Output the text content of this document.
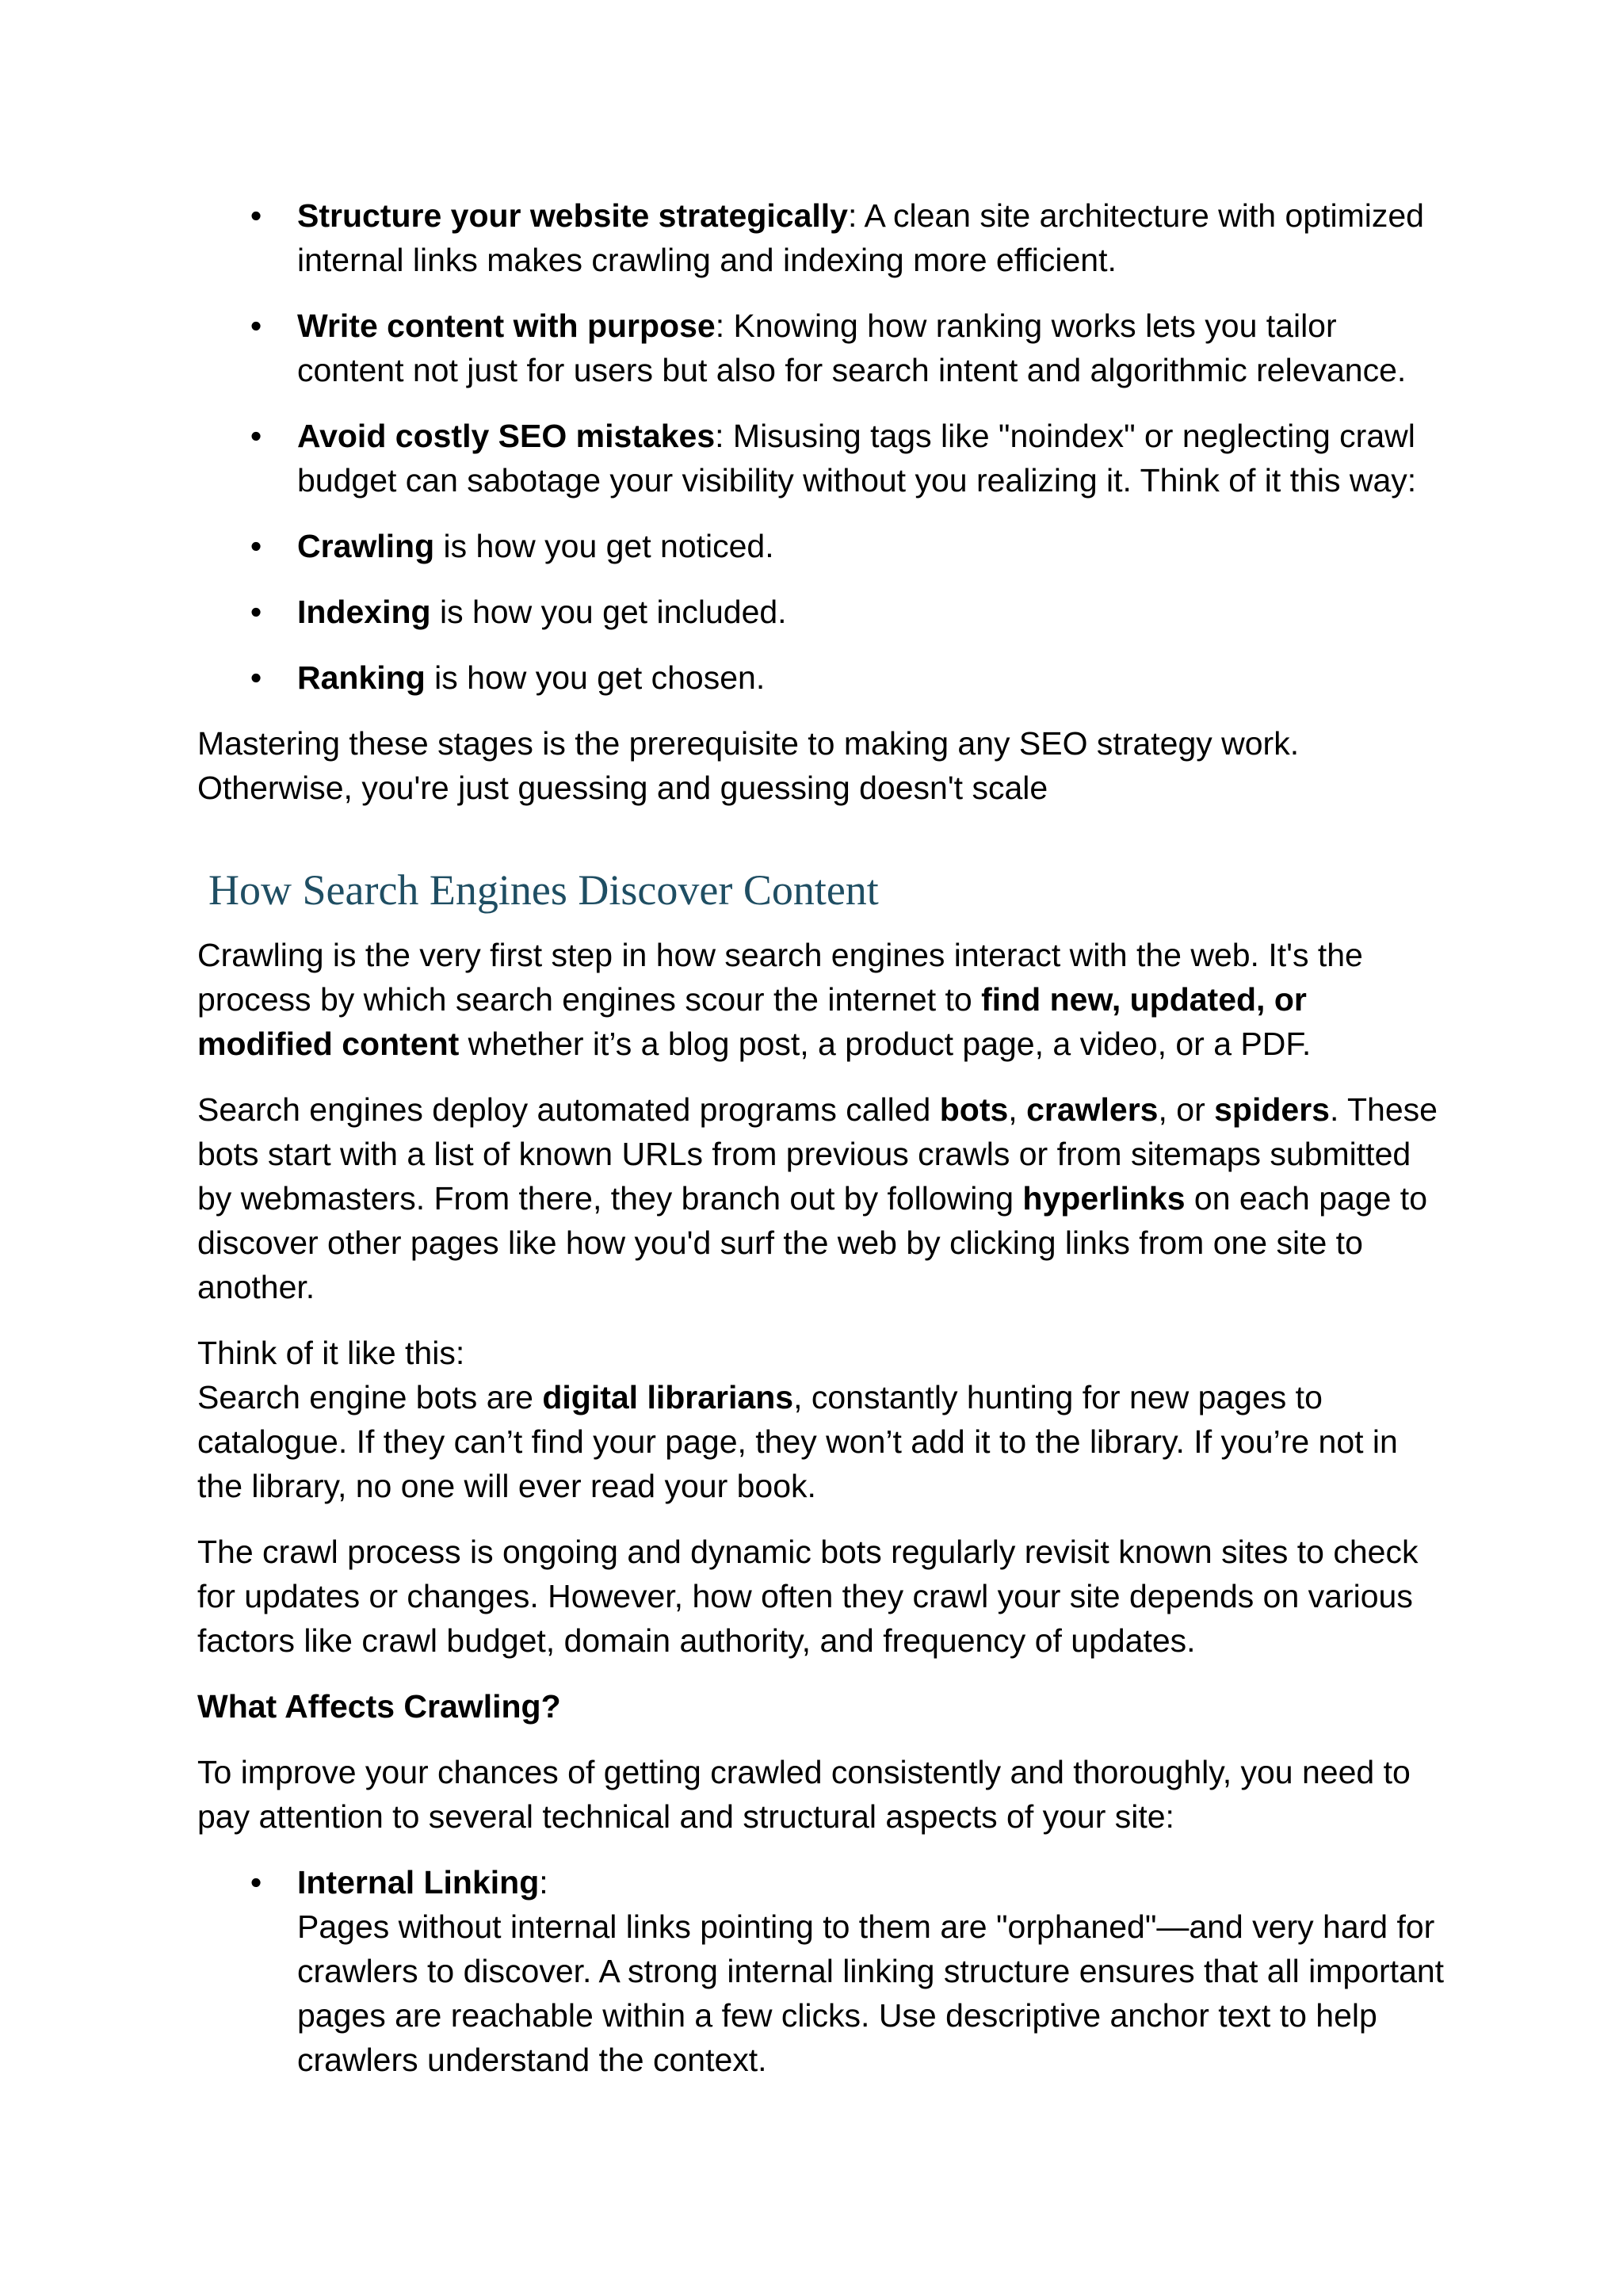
• Structure your website strategically: A clean site architecture with optimized internal links makes crawling and indexing more efficient.
• Write content with purpose: Knowing how ranking works lets you tailor content not just for users but also for search intent and algorithmic relevance.
• Avoid costly SEO mistakes: Misusing tags like "noindex" or neglecting crawl budget can sabotage your visibility without you realizing it. Think of it this way:
• Crawling is how you get noticed.
• Indexing is how you get included.
• Ranking is how you get chosen.

Mastering these stages is the prerequisite to making any SEO strategy work. Otherwise, you're just guessing and guessing doesn't scale

How Search Engines Discover Content

Crawling is the very first step in how search engines interact with the web. It's the process by which search engines scour the internet to find new, updated, or modified content whether it’s a blog post, a product page, a video, or a PDF.

Search engines deploy automated programs called bots, crawlers, or spiders. These bots start with a list of known URLs from previous crawls or from sitemaps submitted by webmasters. From there, they branch out by following hyperlinks on each page to discover other pages like how you'd surf the web by clicking links from one site to another.

Think of it like this:
Search engine bots are digital librarians, constantly hunting for new pages to catalogue. If they can’t find your page, they won’t add it to the library. If you’re not in the library, no one will ever read your book.

The crawl process is ongoing and dynamic bots regularly revisit known sites to check for updates or changes. However, how often they crawl your site depends on various factors like crawl budget, domain authority, and frequency of updates.

What Affects Crawling?

To improve your chances of getting crawled consistently and thoroughly, you need to pay attention to several technical and structural aspects of your site:

• Internal Linking:
Pages without internal links pointing to them are "orphaned"—and very hard for crawlers to discover. A strong internal linking structure ensures that all important pages are reachable within a few clicks. Use descriptive anchor text to help crawlers understand the context.
